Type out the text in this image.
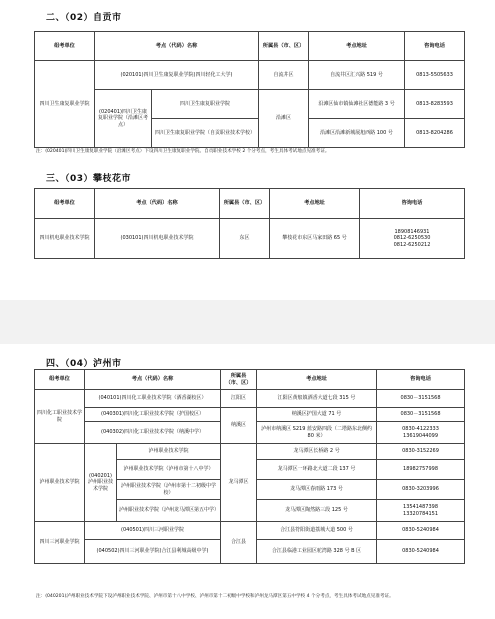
二、（02）自贡市
组考单位	考点（代码）名称		所属县（市、区）	考点地址	咨询电话
四川卫生康复职业学院	(020101)四川卫生康复职业学院(四川轻化工大学)		自流井区	自流井区汇兴路 519 号	0813-5505633
	(020401)四川卫生康复职业学院（沿滩区考点）	四川卫生康复职业学院	沿滩区	沿滩区仙市镇仙滩社区德能路 3 号	0813-8283593
		四川卫生康复职业学院（自贡职业技术学校）		沿滩区沿滩新城展旭西路 100 号	0813-8204286
注：(020401)四川卫生康复职业学院（沿滩区考点）下设四川卫生康复职业学院、自贡职业技术学校 2 个分考点，考生具体考试地点见准考证。
三、（03）攀枝花市
组考单位	考点（代码）名称	所属县（市、区）	考点地址	咨询电话
四川机电职业技术学院	(030101)四川机电职业技术学院	东区	攀枝花市东区马家田路 65 号	18908146931
0812-6250530
0812-6250212
四、（04）泸州市
组考单位	考点（代码）名称		所属县（市、区）	考点地址	咨询电话
四川化工职业技术学院	(040101)四川化工职业技术学院（酒香湖校区）		江阳区	江阳区黄舣镇酒香大道七段 315 号	0830－3151568
	(040301)四川化工职业技术学院（护国校区）		纳溪区	纳溪区护国大道 71 号	0830－3151568
	(040302)四川化工职业技术学院（纳溪中学）			泸州市纳溪区 S219 蓝安路四段（二塔路东北侧约 80 米）	0830-4122333
13619044099
泸州职业技术学院	(040201)泸州职业技术学院	泸州职业技术学院	龙马潭区	龙马潭区长桥路 2 号	0830-3152269
		泸州职业技术学院（泸州市第十八中学）		龙马潭区一环路北大道二段 137 号	18982757998
		泸州职业技术学院（泸州市第十二初级中学校）		龙马潭区春雨路 173 号	0830-3203996
		泸州职业技术学院（泸州龙马潭区第五中学）		龙马潭区陶然路三段 125 号	13541487398
13320784151
四川三河职业学院	(040501)四川三河职业学院		合江县	合江县符阳街道荔城大道 500 号	0830-5240984
	(040502)四川三河职业学院(合江县利城高级中学)			合江县临港工业园区驼湾路 328 号 B 区	0830-5240984
注：(040201)泸州职业技术学院下设泸州职业技术学院、泸州市第十八中学校、泸州市第十二初级中学校和泸州龙马潭区第五中学校 4 个分考点，考生具体考试地点见准考证。
